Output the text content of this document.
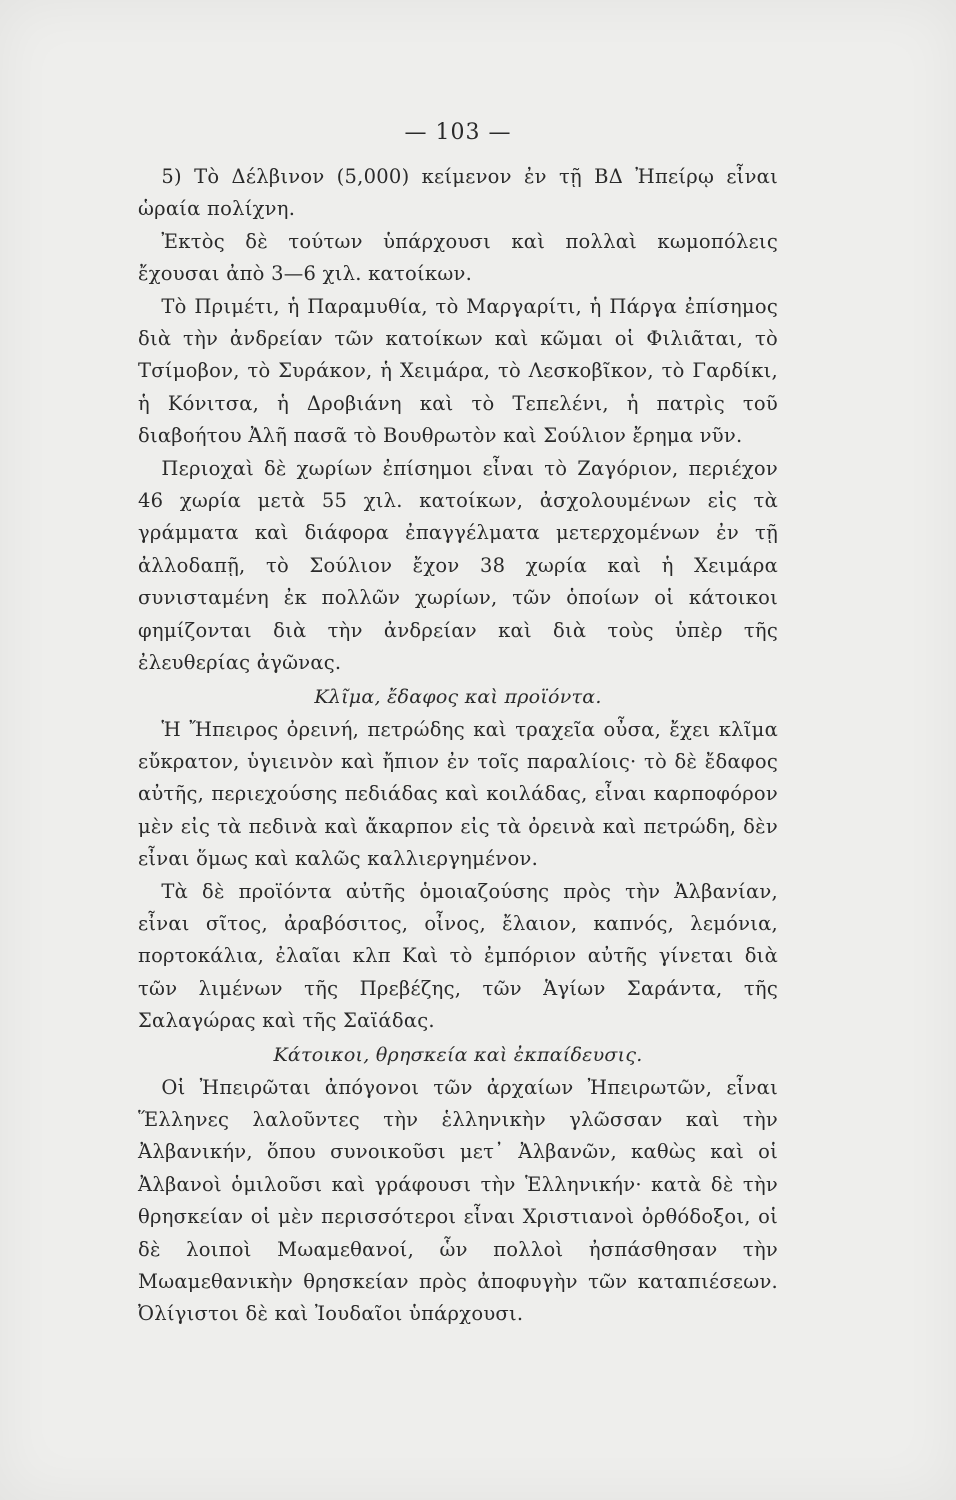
— 103 —

5) Τὸ Δέλβινον (5,000) κείμενον ἐν τῇ ΒΔ Ἠπείρῳ εἶναι ὡραία πολίχνη.

Ἐκτὸς δὲ τούτων ὑπάρχουσι καὶ πολλαὶ κωμοπόλεις ἔχουσαι ἀπὸ 3—6 χιλ. κατοίκων.

Τὸ Πριμέτι, ἡ Παραμυθία, τὸ Μαργαρίτι, ἡ Πάργα ἐπίσημος διὰ τὴν ἀνδρείαν τῶν κατοίκων καὶ κῶμαι οἱ Φιλιᾶται, τὸ Τσίμοβον, τὸ Συράκον, ἡ Χειμάρα, τὸ Λεσκοβῖκον, τὸ Γαρδίκι, ἡ Κόνιτσα, ἡ Δροβιάνη καὶ τὸ Τεπελένι, ἡ πατρὶς τοῦ διαβοήτου Ἀλῆ πασᾶ τὸ Βουθρωτὸν καὶ Σούλιον ἔρημα νῦν.

Περιοχαὶ δὲ χωρίων ἐπίσημοι εἶναι τὸ Ζαγόριον, περιέχον 46 χωρία μετὰ 55 χιλ. κατοίκων, ἀσχολουμένων εἰς τὰ γράμματα καὶ διάφορα ἐπαγγέλματα μετερχομένων ἐν τῇ ἀλλοδαπῇ, τὸ Σούλιον ἔχον 38 χωρία καὶ ἡ Χειμάρα συνισταμένη ἐκ πολλῶν χωρίων, τῶν ὁποίων οἱ κάτοικοι φημίζονται διὰ τὴν ἀνδρείαν καὶ διὰ τοὺς ὑπὲρ τῆς ἐλευθερίας ἀγῶνας.

Κλῖμα, ἔδαφος καὶ προϊόντα.

Ἡ Ἤπειρος ὀρεινή, πετρώδης καὶ τραχεῖα οὖσα, ἔχει κλῖμα εὔκρατον, ὑγιεινὸν καὶ ἤπιον ἐν τοῖς παραλίοις· τὸ δὲ ἔδαφος αὐτῆς, περιεχούσης πεδιάδας καὶ κοιλάδας, εἶναι καρποφόρον μὲν εἰς τὰ πεδινὰ καὶ ἄκαρπον εἰς τὰ ὀρεινὰ καὶ πετρώδη, δὲν εἶναι ὅμως καὶ καλῶς καλλιεργημένον.

Τὰ δὲ προϊόντα αὐτῆς ὁμοιαζούσης πρὸς τὴν Ἀλβανίαν, εἶναι σῖτος, ἀραβόσιτος, οἶνος, ἔλαιον, καπνός, λεμόνια, πορτοκάλια, ἐλαῖαι κλπ Καὶ τὸ ἐμπόριον αὐτῆς γίνεται διὰ τῶν λιμένων τῆς Πρεβέζης, τῶν Ἁγίων Σαράντα, τῆς Σαλαγώρας καὶ τῆς Σαϊάδας.

Κάτοικοι, θρησκεία καὶ ἐκπαίδευσις.

Οἱ Ἠπειρῶται ἀπόγονοι τῶν ἀρχαίων Ἠπειρωτῶν, εἶναι Ἕλληνες λαλοῦντες τὴν ἑλληνικὴν γλῶσσαν καὶ τὴν Ἀλβανικήν, ὅπου συνοικοῦσι μετ᾽ Ἀλβανῶν, καθὼς καὶ οἱ Ἀλβανοὶ ὁμιλοῦσι καὶ γράφουσι τὴν Ἑλληνικήν· κατὰ δὲ τὴν θρησκείαν οἱ μὲν περισσότεροι εἶναι Χριστιανοὶ ὀρθόδοξοι, οἱ δὲ λοιποὶ Μωαμεθανοί, ὧν πολλοὶ ἠσπάσθησαν τὴν Μωαμεθανικὴν θρησκείαν πρὸς ἀποφυγὴν τῶν καταπιέσεων. Ὀλίγιστοι δὲ καὶ Ἰουδαῖοι ὑπάρχουσι.
